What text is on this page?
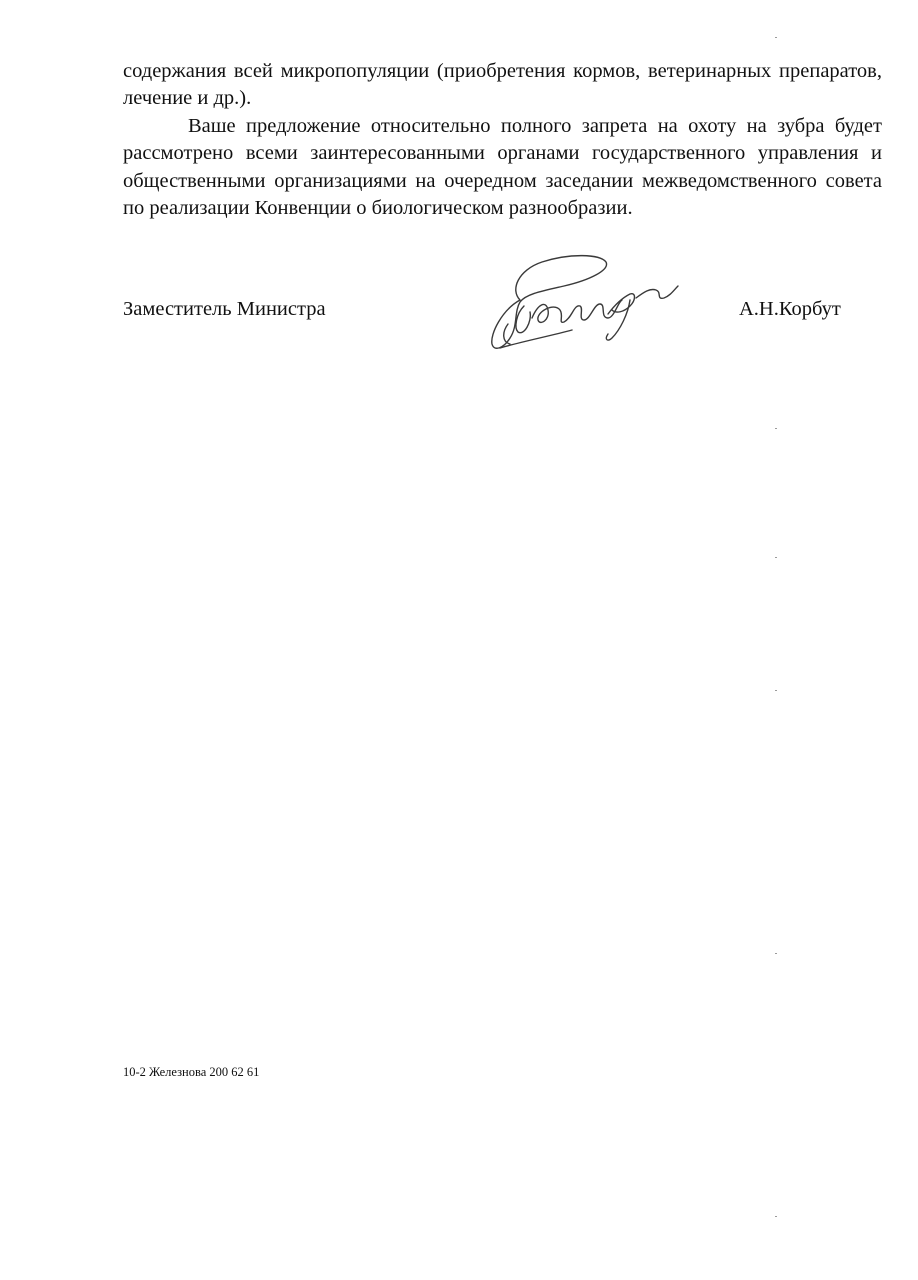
содержания всей микропопуляции (приобретения кормов, ветеринарных препаратов, лечение и др.).

Ваше предложение относительно полного запрета на охоту на зубра будет рассмотрено всеми заинтересованными органами государственного управления и общественными организациями на очередном заседании межведомственного совета по реализации Конвенции о биологическом разнообразии.

Заместитель Министра	А.Н.Корбут

10-2 Железнова 200 62 61
